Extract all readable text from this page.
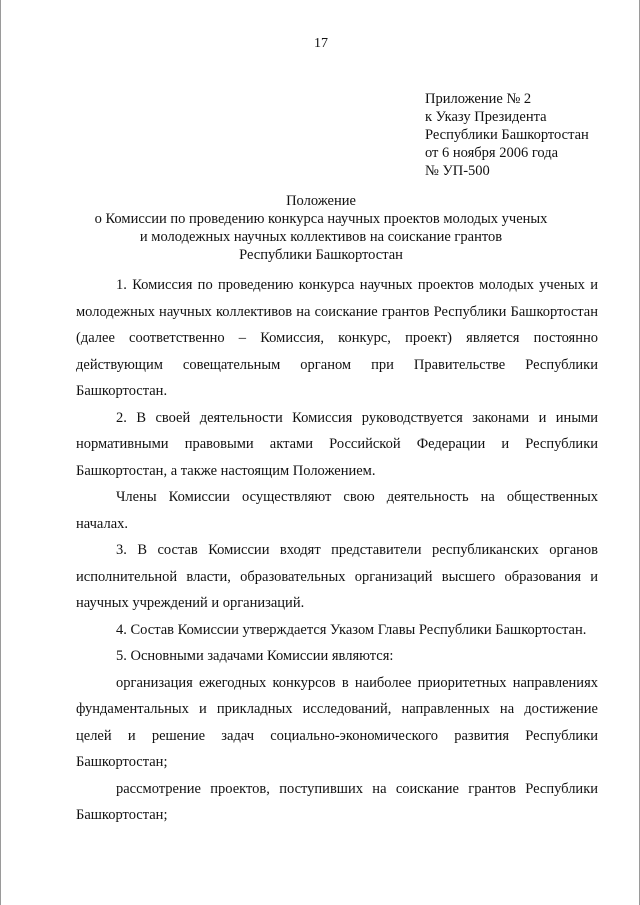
17
Приложение № 2
к Указу Президента
Республики Башкортостан
от 6 ноября 2006 года
№ УП-500
Положение
о Комиссии по проведению конкурса научных проектов молодых ученых
и молодежных научных коллективов на соискание грантов
Республики Башкортостан

1. Комиссия по проведению конкурса научных проектов молодых ученых и молодежных научных коллективов на соискание грантов Республики Башкортостан (далее соответственно – Комиссия, конкурс, проект) является постоянно действующим совещательным органом при Правительстве Республики Башкортостан.

2. В своей деятельности Комиссия руководствуется законами и иными нормативными правовыми актами Российской Федерации и Республики Башкортостан, а также настоящим Положением.

Члены Комиссии осуществляют свою деятельность на общественных началах.

3. В состав Комиссии входят представители республиканских органов исполнительной власти, образовательных организаций высшего образования и научных учреждений и организаций.

4. Состав Комиссии утверждается Указом Главы Республики Башкортостан.

5. Основными задачами Комиссии являются:

организация ежегодных конкурсов в наиболее приоритетных направлениях фундаментальных и прикладных исследований, направленных на достижение целей и решение задач социально-экономического развития Республики Башкортостан;

рассмотрение проектов, поступивших на соискание грантов Республики Башкортостан;
